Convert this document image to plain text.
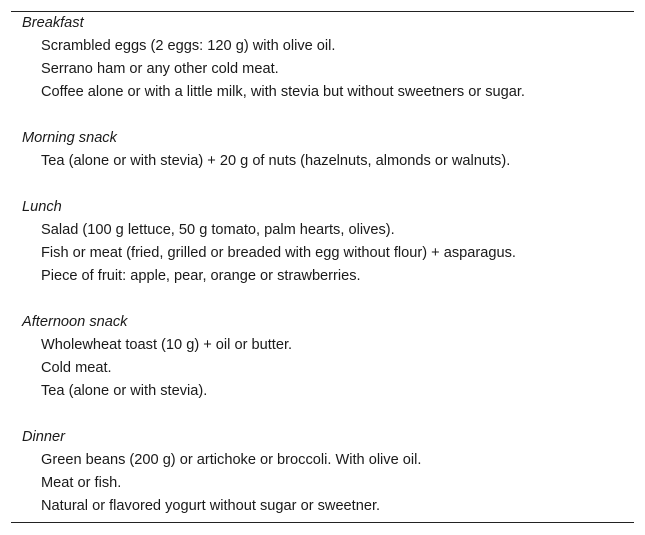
Breakfast
Scrambled eggs (2 eggs: 120 g) with olive oil.
Serrano ham or any other cold meat.
Coffee alone or with a little milk, with stevia but without sweetners or sugar.
Morning snack
Tea (alone or with stevia) + 20 g of nuts (hazelnuts, almonds or walnuts).
Lunch
Salad (100 g lettuce, 50 g tomato, palm hearts, olives).
Fish or meat (fried, grilled or breaded with egg without flour) + asparagus.
Piece of fruit: apple, pear, orange or strawberries.
Afternoon snack
Wholewheat toast (10 g) + oil or butter.
Cold meat.
Tea (alone or with stevia).
Dinner
Green beans (200 g) or artichoke or broccoli. With olive oil.
Meat or fish.
Natural or flavored yogurt without sugar or sweetner.
